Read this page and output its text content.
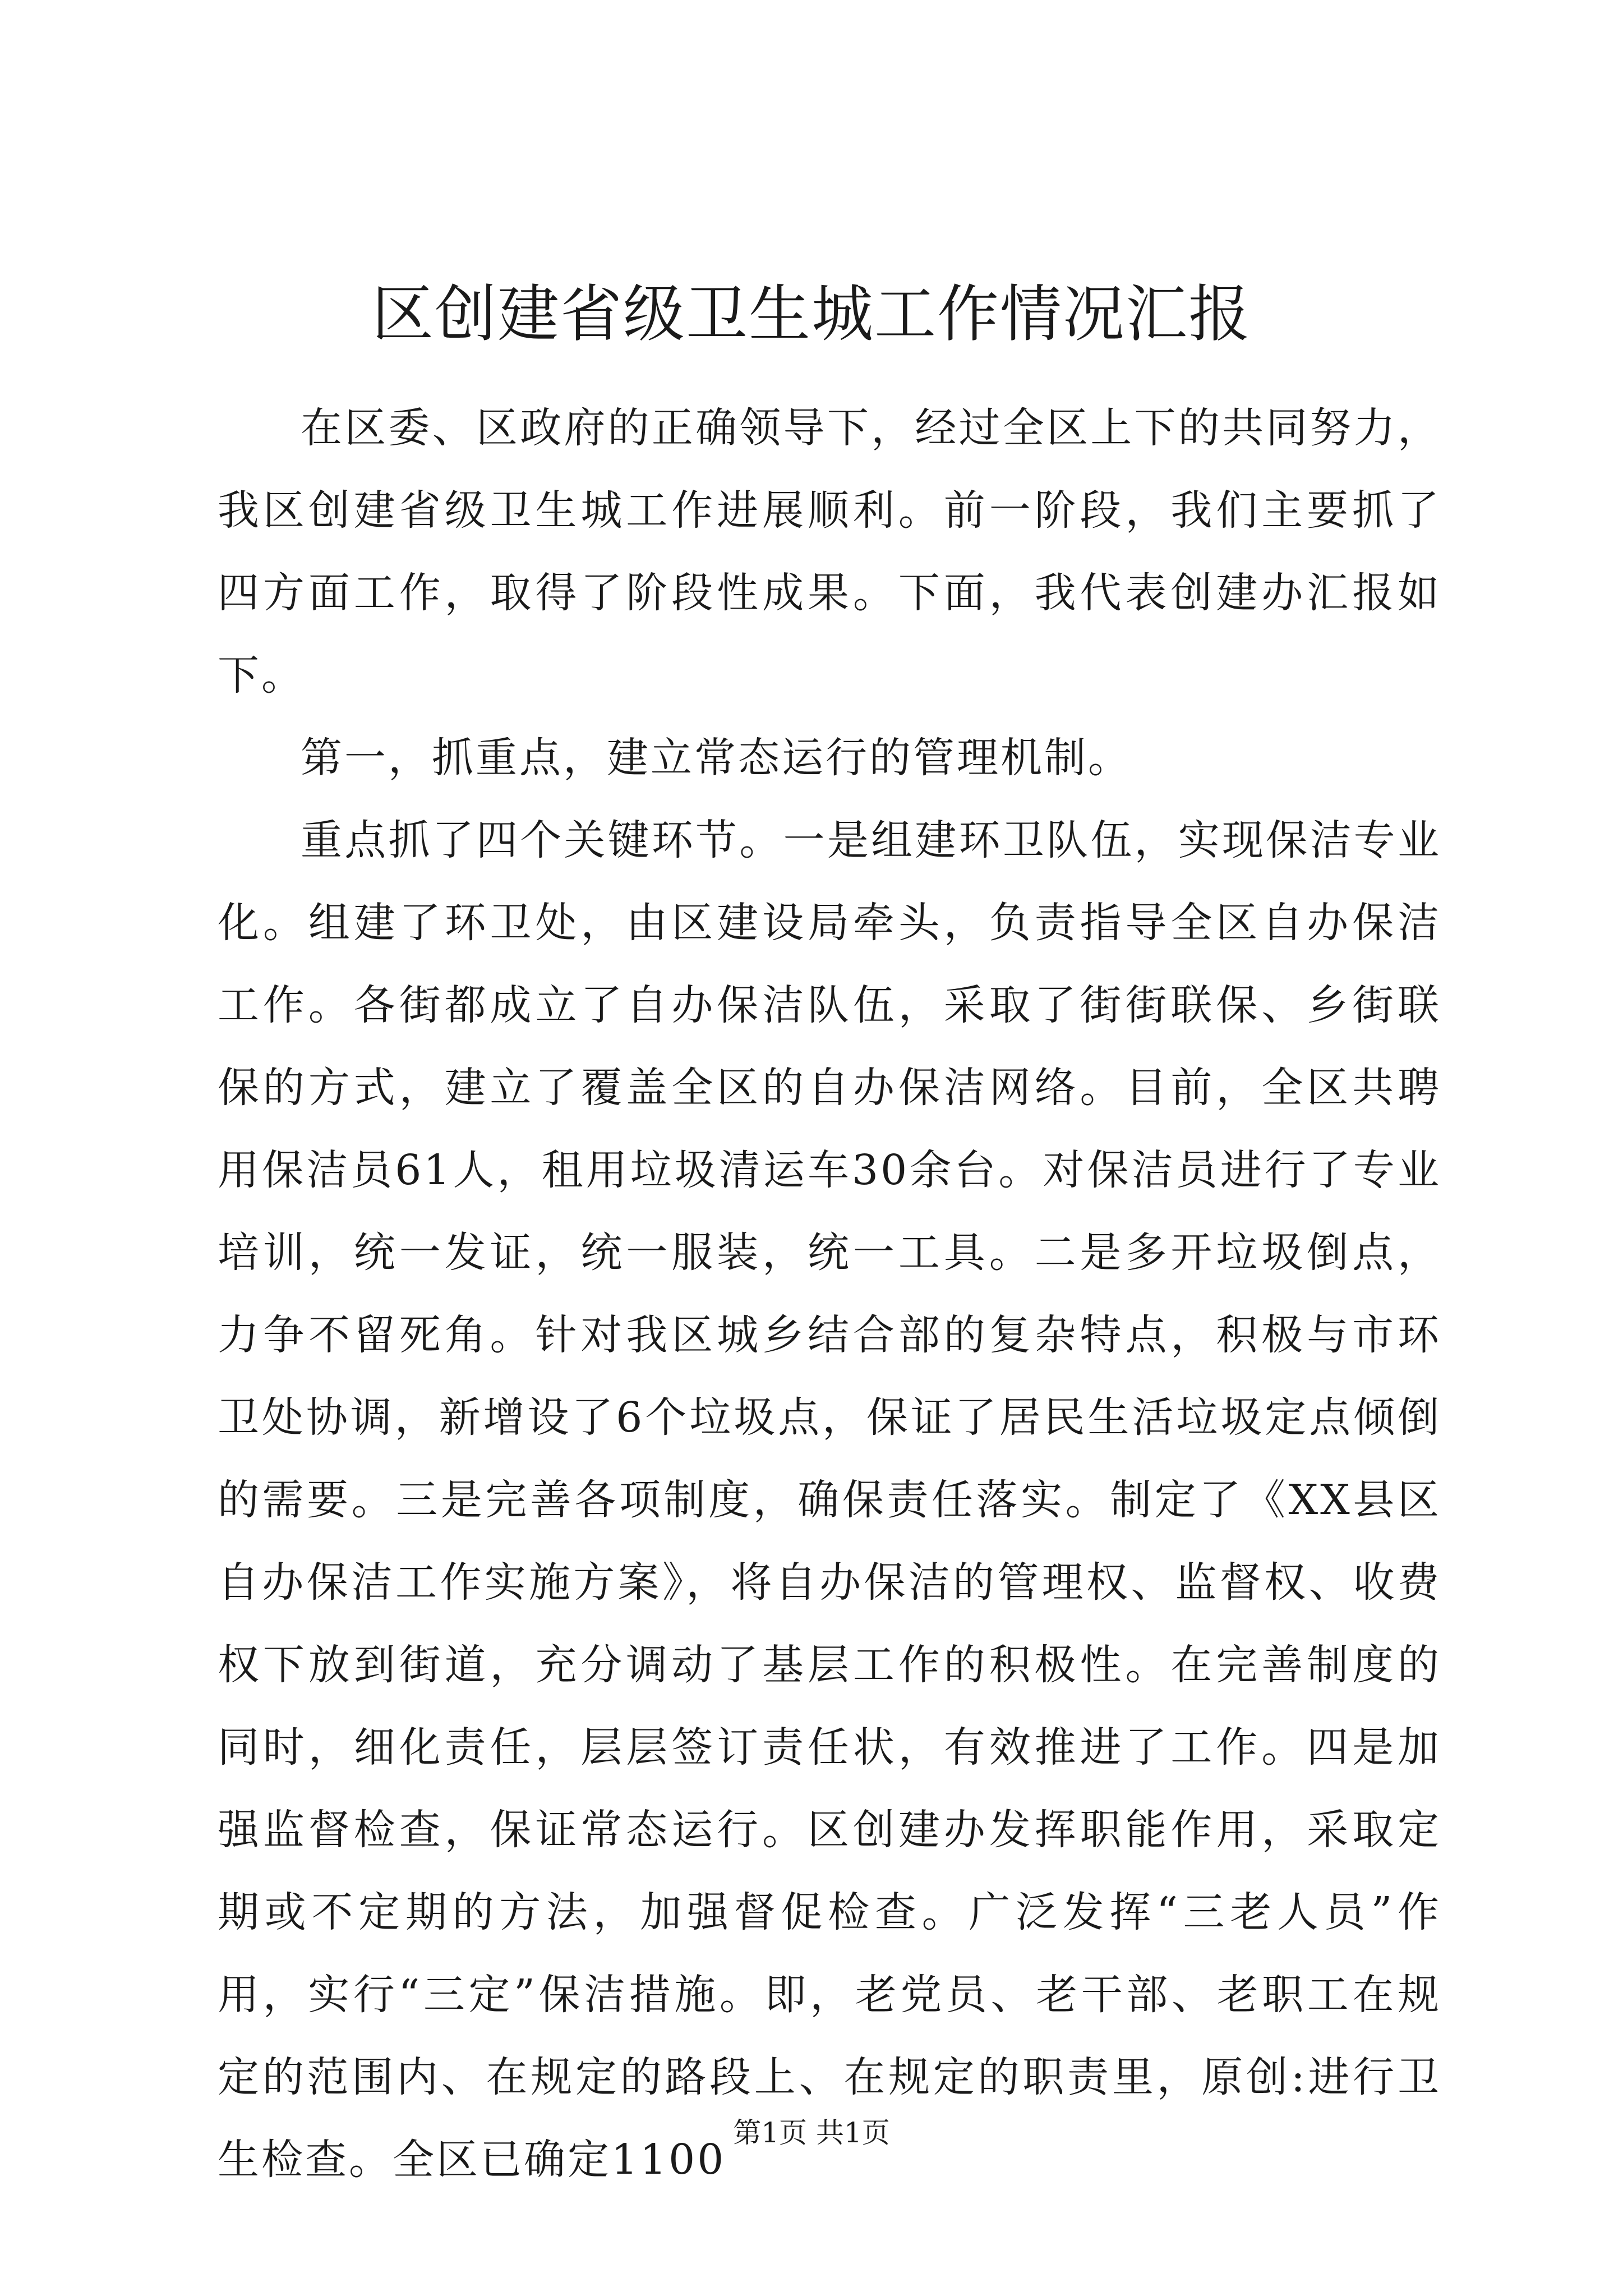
区创建省级卫生城工作情况汇报

在区委、区政府的正确领导下，经过全区上下的共同努力，我区创建省级卫生城工作进展顺利。前一阶段，我们主要抓了四方面工作，取得了阶段性成果。下面，我代表创建办汇报如下。

第一，抓重点，建立常态运行的管理机制。

重点抓了四个关键环节。一是组建环卫队伍，实现保洁专业化。组建了环卫处，由区建设局牵头，负责指导全区自办保洁工作。各街都成立了自办保洁队伍，采取了街街联保、乡街联保的方式，建立了覆盖全区的自办保洁网络。目前，全区共聘用保洁员61人，租用垃圾清运车30余台。对保洁员进行了专业培训，统一发证，统一服装，统一工具。二是多开垃圾倒点，力争不留死角。针对我区城乡结合部的复杂特点，积极与市环卫处协调，新增设了6个垃圾点，保证了居民生活垃圾定点倾倒的需要。三是完善各项制度，确保责任落实。制定了《XX县区自办保洁工作实施方案》，将自办保洁的管理权、监督权、收费权下放到街道，充分调动了基层工作的积极性。在完善制度的同时，细化责任，层层签订责任状，有效推进了工作。四是加强监督检查，保证常态运行。区创建办发挥职能作用，采取定期或不定期的方法，加强督促检查。广泛发挥“三老人员”作用，实行“三定”保洁措施。即，老党员、老干部、老职工在规定的范围内、在规定的路段上、在规定的职责里，原创:进行卫生检查。全区已确定1100

第1页 共1页
